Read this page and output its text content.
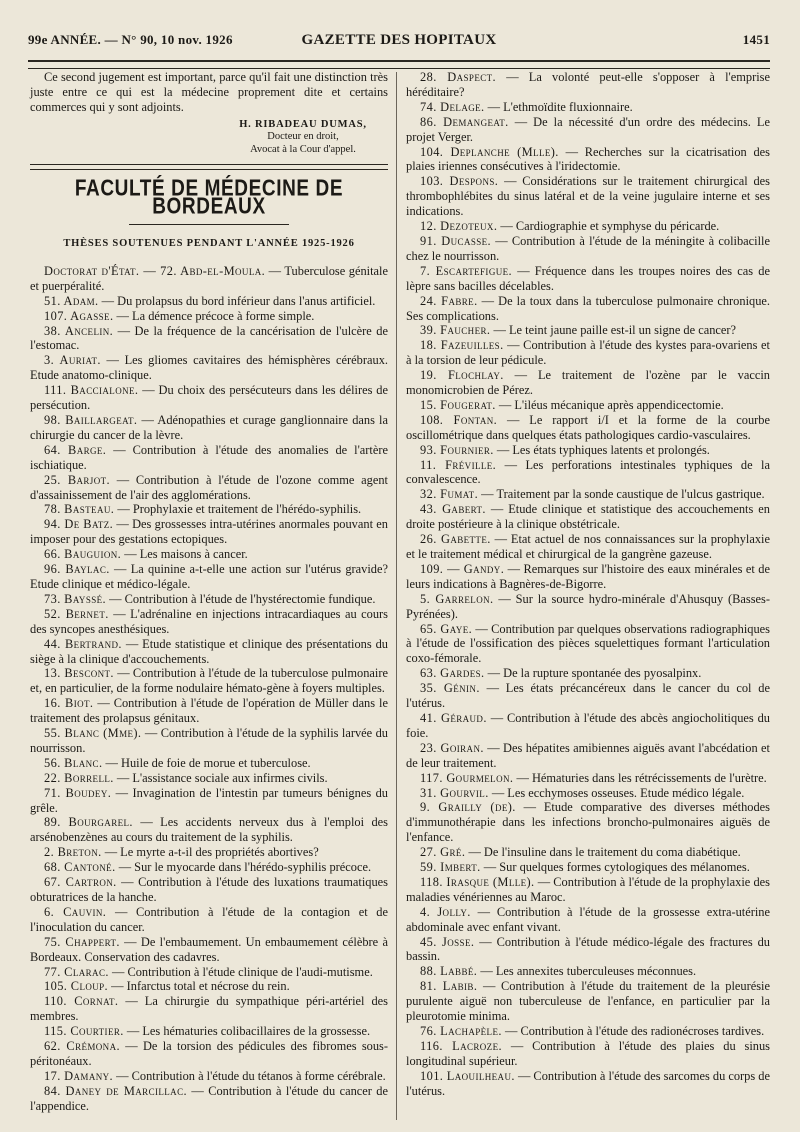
99e ANNÉE. — N° 90, 10 nov. 1926	GAZETTE DES HOPITAUX	1451

Ce second jugement est important, parce qu'il fait une distinction très juste entre ce qui est la médecine proprement dite et certains commerces qui y sont adjoints.

H. RIBADEAU DUMAS,
Docteur en droit,
Avocat à la Cour d'appel.
FACULTÉ DE MÉDECINE DE BORDEAUX
THÈSES SOUTENUES PENDANT L'ANNÉE 1925-1926

Doctorat d'État. — 72. Abd-el-Moula. — Tuberculose génitale et puerpéralité.

51. Adam. — Du prolapsus du bord inférieur dans l'anus artificiel.

107. Agasse. — La démence précoce à forme simple.

38. Ancelin. — De la fréquence de la cancérisation de l'ulcère de l'estomac.

3. Auriat. — Les gliomes cavitaires des hémisphères cérébraux. Etude anatomo-clinique.

111. Baccialone. — Du choix des persécuteurs dans les délires de persécution.

98. Baillargeat. — Adénopathies et curage ganglionnaire dans la chirurgie du cancer de la lèvre.

64. Barge. — Contribution à l'étude des anomalies de l'artère ischiatique.

25. Barjot. — Contribution à l'étude de l'ozone comme agent d'assainissement de l'air des agglomérations.

78. Basteau. — Prophylaxie et traitement de l'hérédo-syphilis.

94. De Batz. — Des grossesses intra-utérines anormales pouvant en imposer pour des gestations ectopiques.

66. Bauguion. — Les maisons à cancer.

96. Baylac. — La quinine a-t-elle une action sur l'utérus gravide? Etude clinique et médico-légale.

73. Bayssé. — Contribution à l'étude de l'hystérectomie fundique.

52. Bernet. — L'adrénaline en injections intracardiaques au cours des syncopes anesthésiques.

44. Bertrand. — Etude statistique et clinique des présentations du siège à la clinique d'accouchements.

13. Bescont. — Contribution à l'étude de la tuberculose pulmonaire et, en particulier, de la forme nodulaire hémato-gène à foyers multiples.

16. Biot. — Contribution à l'étude de l'opération de Müller dans le traitement des prolapsus génitaux.

55. Blanc (Mme). — Contribution à l'étude de la syphilis larvée du nourrisson.

56. Blanc. — Huile de foie de morue et tuberculose.

22. Borrell. — L'assistance sociale aux infirmes civils.

71. Boudey. — Invagination de l'intestin par tumeurs bénignes du grêle.

89. Bourgarel. — Les accidents nerveux dus à l'emploi des arsénobenzènes au cours du traitement de la syphilis.

2. Breton. — Le myrte a-t-il des propriétés abortives?

68. Cantoné. — Sur le myocarde dans l'hérédo-syphilis précoce.

67. Cartron. — Contribution à l'étude des luxations traumatiques obturatrices de la hanche.

6. Cauvin. — Contribution à l'étude de la contagion et de l'inoculation du cancer.

75. Chappert. — De l'embaumement. Un embaumement célèbre à Bordeaux. Conservation des cadavres.

77. Clarac. — Contribution à l'étude clinique de l'audi-mutisme.

105. Cloup. — Infarctus total et nécrose du rein.

110. Cornat. — La chirurgie du sympathique péri-artériel des membres.

115. Courtier. — Les hématuries colibacillaires de la grossesse.

62. Crémona. — De la torsion des pédicules des fibromes sous-péritonéaux.

17. Damany. — Contribution à l'étude du tétanos à forme cérébrale.

84. Daney de Marcillac. — Contribution à l'étude du cancer de l'appendice.

28. Daspect. — La volonté peut-elle s'opposer à l'emprise héréditaire?

74. Delage. — L'ethmoïdite fluxionnaire.

86. Demangeat. — De la nécessité d'un ordre des médecins. Le projet Verger.

104. Deplanche (Mlle). — Recherches sur la cicatrisation des plaies iriennes consécutives à l'iridectomie.

103. Despons. — Considérations sur le traitement chirurgical des thrombophlébites du sinus latéral et de la veine jugulaire interne et ses indications.

12. Dezoteux. — Cardiographie et symphyse du péricarde.

91. Ducasse. — Contribution à l'étude de la méningite à colibacille chez le nourrisson.

7. Escartefigue. — Fréquence dans les troupes noires des cas de lèpre sans bacilles décelables.

24. Fabre. — De la toux dans la tuberculose pulmonaire chronique. Ses complications.

39. Faucher. — Le teint jaune paille est-il un signe de cancer?

18. Fazeuilles. — Contribution à l'étude des kystes para-ovariens et à la torsion de leur pédicule.

19. Flochlay. — Le traitement de l'ozène par le vaccin monomicrobien de Pérez.

15. Fougerat. — L'iléus mécanique après appendicectomie.

108. Fontan. — Le rapport i/I et la forme de la courbe oscillométrique dans quelques états pathologiques cardio-vasculaires.

93. Fournier. — Les états typhiques latents et prolongés.

11. Fréville. — Les perforations intestinales typhiques de la convalescence.

32. Fumat. — Traitement par la sonde caustique de l'ulcus gastrique.

43. Gabert. — Etude clinique et statistique des accouchements en droite postérieure à la clinique obstétricale.

26. Gabette. — Etat actuel de nos connaissances sur la prophylaxie et le traitement médical et chirurgical de la gangrène gazeuse.

109. — Gandy. — Remarques sur l'histoire des eaux minérales et de leurs indications à Bagnères-de-Bigorre.

5. Garrelon. — Sur la source hydro-minérale d'Ahusquy (Basses-Pyrénées).

65. Gaye. — Contribution par quelques observations radiographiques à l'étude de l'ossification des pièces squelettiques formant l'articulation coxo-fémorale.

63. Gardes. — De la rupture spontanée des pyosalpinx.

35. Génin. — Les états précancéreux dans le cancer du col de l'utérus.

41. Géraud. — Contribution à l'étude des abcès angiocholitiques du foie.

23. Goiran. — Des hépatites amibiennes aiguës avant l'abcédation et de leur traitement.

117. Gourmelon. — Hématuries dans les rétrécissements de l'urètre.

31. Gourvil. — Les ecchymoses osseuses. Etude médico légale.

9. Grailly (de). — Etude comparative des diverses méthodes d'immunothérapie dans les infections broncho-pulmonaires aiguës de l'enfance.

27. Gré. — De l'insuline dans le traitement du coma diabétique.

59. Imbert. — Sur quelques formes cytologiques des mélanomes.

118. Irasque (Mlle). — Contribution à l'étude de la prophylaxie des maladies vénériennes au Maroc.

4. Jolly. — Contribution à l'étude de la grossesse extra-utérine abdominale avec enfant vivant.

45. Josse. — Contribution à l'étude médico-légale des fractures du bassin.

88. Labbé. — Les annexites tuberculeuses méconnues.

81. Labib. — Contribution à l'étude du traitement de la pleurésie purulente aiguë non tuberculeuse de l'enfance, en particulier par la pleurotomie minima.

76. Lachapèle. — Contribution à l'étude des radionécroses tardives.

116. Lacroze. — Contribution à l'étude des plaies du sinus longitudinal supérieur.

101. Laouilheau. — Contribution à l'étude des sarcomes du corps de l'utérus.
